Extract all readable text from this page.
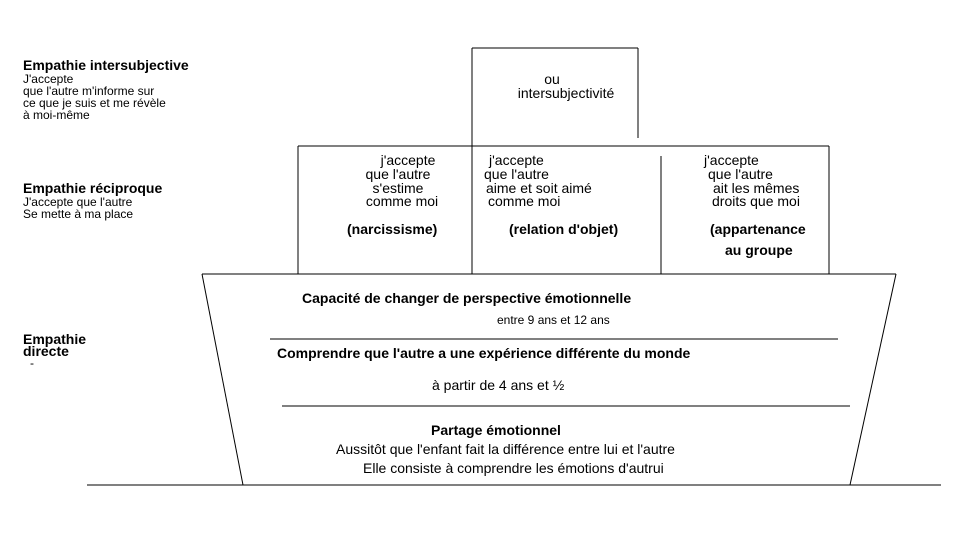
Empathie intersubjective
J'accepte
que l'autre m'informe sur
ce que je suis et me révèle
à moi-même
Empathie réciproque
J'accepte que l'autre
Se mette à ma place
Empathie
directe
-
ou
intersubjectivité
j'accepte
que l'autre
s'estime
comme moi
(narcissisme)
j'accepte
que l'autre
aime et soit aimé
comme moi
(relation d'objet)
j'accepte
que l'autre
ait les mêmes
droits que moi
(appartenance
au groupe
Capacité de changer de perspective émotionnelle
entre 9 ans et 12 ans
Comprendre que l'autre a une expérience différente du monde
à partir de 4 ans et ½
Partage émotionnel
Aussitôt que l'enfant fait la différence entre lui et l'autre
Elle consiste à comprendre les émotions d'autrui
